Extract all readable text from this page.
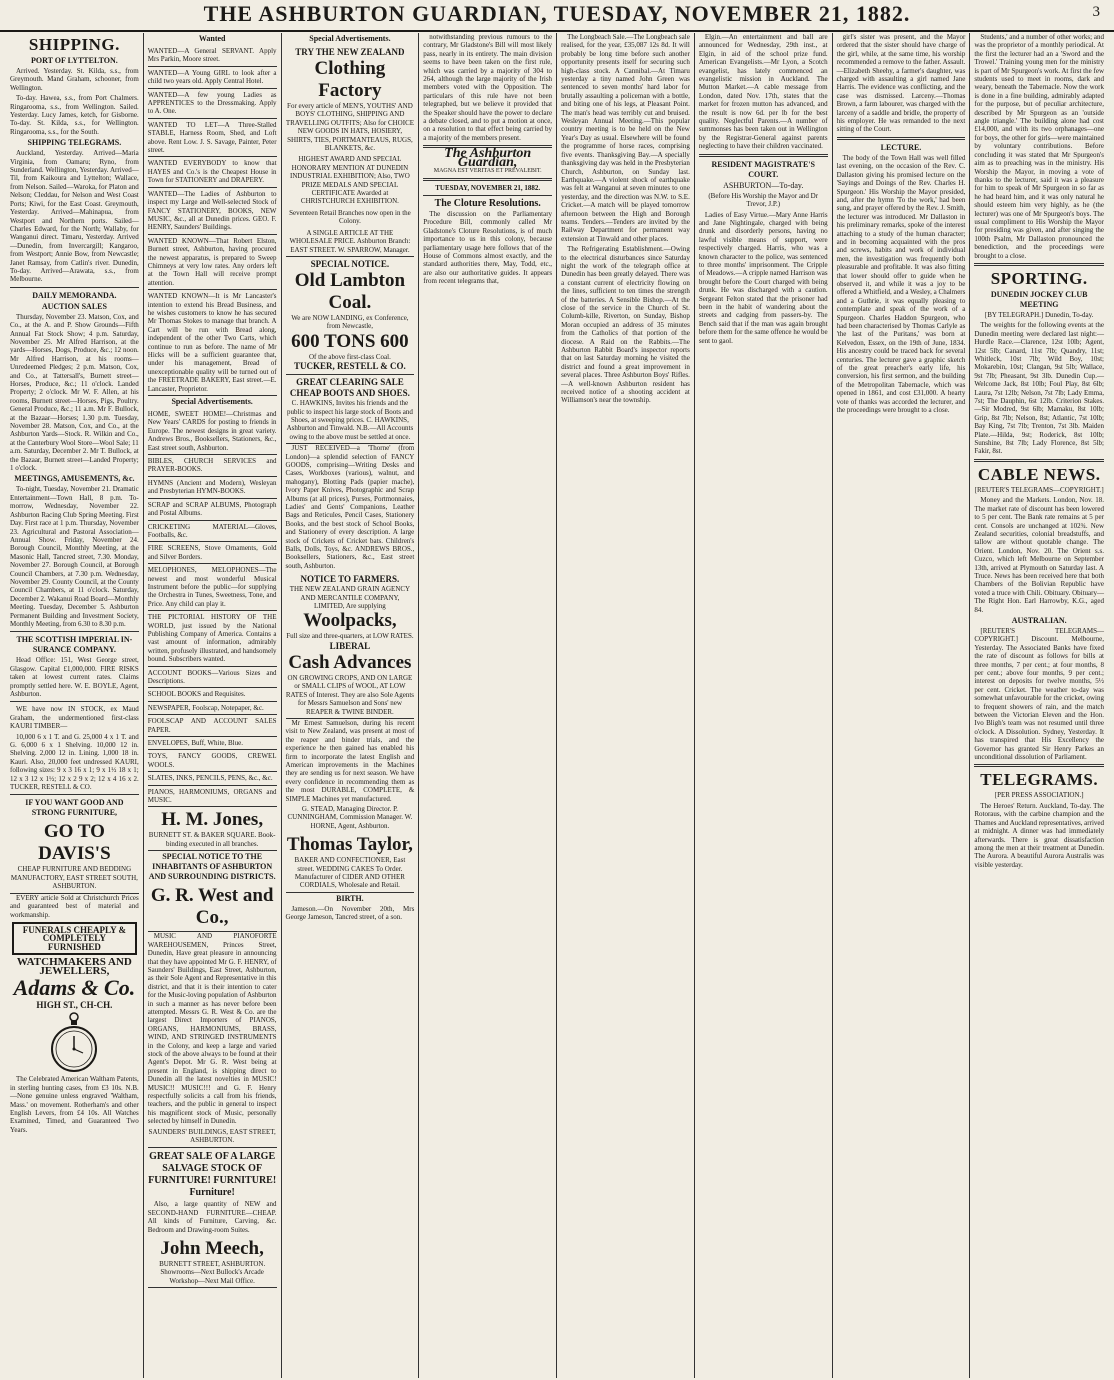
THE ASHBURTON GUARDIAN, TUESDAY, NOVEMBER 21, 1882.	3
SHIPPING.
PORT OF LYTTELTON.

Arrived. Yesterday. St. Kilda, s.s., from Greymouth. Mand Graham, schooner, from Wellington.

To-day. Hawea, s.s., from Port Chalmers. Ringarooma, s.s., from Wellington. Sailed. Yesterday. Lucy James, ketch, for Gisborne. To-day. St. Kilda, s.s., for Wellington. Ringarooma, s.s., for the South.

SHIPPING TELEGRAMS.

Auckland, Yesterday. Arrived—Maria Virginia, from Oamaru; Ryno, from Sunderland. Wellington, Yesterday. Arrived—Til, from Kaikoura and Lyttelton; Wallace, from Nelson. Sailed—Waroka, for Platon and Nelson; Cleddau, for Nelson and West Coast Ports; Kiwi, for the East Coast. Greymouth, Yesterday. Arrived—Mahinapua, from Westport and Northern ports. Sailed—Charles Edward, for the North; Wallaby, for Wanganui direct. Timaru, Yesterday. Arrived—Dunedin, from Invercargill; Kangaroo, from Westport; Annie Bow, from Newcastle; Janet Ramsay, from Catlin's river. Dunedin, To-day. Arrived—Arawata, s.s., from Melbourne.

DAILY MEMORANDA.
AUCTION SALES

Thursday, November 23. Matson, Cox, and Co., at the A. and P. Show Grounds—Fifth Annual Fat Stock Show; 4 p.m. Saturday, November 25. Mr Alfred Harrison, at the yards—Horses, Dogs, Produce, &c.; 12 noon. Mr Alfred Harrison, at his rooms—Unredeemed Pledges; 2 p.m. Matson, Cox, and Co., at Tattersall's, Burnett street—Horses, Produce, &c.; 11 o'clock. Landed Property; 2 o'clock. Mr W. F. Allen, at his rooms, Burnett street—Horses, Pigs, Poultry. General Produce, &c.; 11 a.m. Mr F. Bullock, at the Bazaar—Horses; 1.30 p.m. Tuesday, November 28. Matson, Cox, and Co., at the Ashburton Yards—Stock. R. Wilkin and Co., at the Canterbury Wool Store—Wool Sale; 11 a.m. Saturday, December 2. Mr T. Bullock, at the Bazaar, Burnett street—Landed Property; 1 o'clock.

MEETINGS, AMUSEMENTS, &c.

To-night, Tuesday, November 21. Dramatic Entertainment—Town Hall, 8 p.m. To-morrow, Wednesday, November 22. Ashburton Racing Club Spring Meeting. First Day. First race at 1 p.m. Thursday, November 23. Agricultural and Pastoral Association—Annual Show. Friday, November 24. Borough Council, Monthly Meeting, at the Masonic Hall, Tancred street, 7.30. Monday, November 27. Borough Council, at Borough Council Chambers, at 7.30 p.m. Wednesday, November 29. County Council, at the County Council Chambers, at 11 o'clock. Saturday, December 2. Wakanui Road Board—Monthly Meeting. Tuesday, December 5. Ashburton Permanent Building and Investment Society, Monthly Meeting, from 6.30 to 8.30 p.m.

THE SCOTTISH IMPERIAL IN-SURANCE COMPANY.

Head Office: 151, West George street, Glasgow. Capital £1,000,000. FIRE RISKS taken at lowest current rates. Claims promptly settled here. W. E. BOYLE, Agent, Ashburton.

WE have now IN STOCK, ex Maud Graham, the undermentioned first-class KAURI TIMBER—

10,000 6 x 1 T. and G. 25,000 4 x 1 T. and G. 6,000 6 x 1 Shelving. 10,000 12 in. Shelving. 2,000 12 in. Lining. 1,000 18 in. Kauri. Also, 20,000 feet undressed KAURI, following sizes: 9 x 3 16 x 1; 9 x 1½ 18 x 1; 12 x 3 12 x 1½; 12 x 2 9 x 2; 12 x 4 16 x 2. TUCKER, RESTELL & CO.

IF YOU WANT GOOD AND STRONG FURNITURE,
GO TO
DAVIS'S
CHEAP FURNITURE AND BEDDING MANUFACTORY, EAST STREET SOUTH, ASHBURTON.

EVERY article Sold at Christchurch Prices and guaranteed best of material and workmanship.

FUNERALS CHEAPLY & COMPLETELY FURNISHED
WATCHMAKERS AND JEWELLERS,
Adams & Co.
HIGH ST., CH-CH.

The Celebrated American Waltham Patents, in sterling hunting cases, from £3 10s. N.B.—None genuine unless engraved 'Waltham, Mass.' on movement. Rotherham's and other English Levers, from £4 10s. All Watches Examined, Timed, and Guaranteed Two Years.

Wanted
WANTED—A General SERVANT. Apply Mrs Parkin, Moore street.
WANTED—A Young GIRL to look after a child two years old. Apply Central Hotel.
WANTED—A few young Ladies as APPRENTICES to the Dressmaking. Apply to A. One.
WANTED TO LET—A Three-Stalled STABLE, Harness Room, Shed, and Loft above. Rent Low. J. S. Savage, Painter, Peter street.
WANTED EVERYBODY to know that HAYES and Co.'s is the Cheapest House in Town for STATIONERY and DRAPERY.
WANTED—The Ladies of Ashburton to inspect my Large and Well-selected Stock of FANCY STATIONERY, BOOKS, NEW MUSIC, &c., all at Dunedin prices. GEO. F. HENRY, Saunders' Buildings.
WANTED KNOWN—That Robert Elston, Burnett street, Ashburton, having procured the newest apparatus, is prepared to Sweep Chimneys at very low rates. Any orders left at the Town Hall will receive prompt attention.
WANTED KNOWN—It is Mr Lancaster's intention to extend his Bread Business, and he wishes customers to know he has secured Mr Thomas Stokes to manage that branch. A Cart will be run with Bread along, independent of the other Two Carts, which continue to run as before. The name of Mr Hicks will be a sufficient guarantee that, under his management, Bread of unexceptionable quality will be turned out of the FREETRADE BAKERY, East street.—E. Lancaster, Proprietor.
Special Advertisements.
HOME, SWEET HOME!—Christmas and New Years' CARDS for posting to friends in Europe. The newest designs in great variety. Andrews Bros., Booksellers, Stationers, &c., East street south, Ashburton.
BIBLES, CHURCH SERVICES and PRAYER-BOOKS.
HYMNS (Ancient and Modern), Wesleyan and Presbyterian HYMN-BOOKS.
SCRAP and SCRAP ALBUMS, Photograph and Postal Albums.
CRICKETING MATERIAL—Gloves, Footballs, &c.
FIRE SCREENS, Stove Ornaments, Gold and Silver Borders.
MELOPHONES, MELOPHONES—The newest and most wonderful Musical Instrument before the public—for supplying the Orchestra in Tunes, Sweetness, Tone, and Price. Any child can play it.
THE PICTORIAL HISTORY OF THE WORLD, just issued by the National Publishing Company of America. Contains a vast amount of information, admirably written, profusely illustrated, and handsomely bound. Subscribers wanted.
ACCOUNT BOOKS—Various Sizes and Descriptions.
SCHOOL BOOKS and Requisites.
NEWSPAPER, Foolscap, Notepaper, &c.
FOOLSCAP AND ACCOUNT SALES PAPER.
ENVELOPES, Buff, White, Blue.
TOYS, FANCY GOODS, CREWEL WOOLS.
SLATES, INKS, PENCILS, PENS, &c., &c.
PIANOS, HARMONIUMS, ORGANS and MUSIC.
H. M. Jones,
BURNETT ST. & BAKER SQUARE. Book-binding executed in all branches.
SPECIAL NOTICE TO THE INHABITANTS OF ASHBURTON AND SURROUNDING DISTRICTS.
G. R. West and Co.,

MUSIC AND PIANOFORTE WAREHOUSEMEN, Princes Street, Dunedin, Have great pleasure in announcing that they have appointed Mr G. F. HENRY, of Saunders' Buildings, East Street, Ashburton, as their Sole Agent and Representative in this district, and that it is their intention to cater for the Music-loving population of Ashburton in such a manner as has never before been attempted. Messrs G. R. West & Co. are the largest Direct Importers of PIANOS, ORGANS, HARMONIUMS, BRASS, WIND, AND STRINGED INSTRUMENTS in the Colony, and keep a large and varied stock of the above always to be found at their Agent's Depot. Mr G. R. West being at present in England, is shipping direct to Dunedin all the latest novelties in MUSIC! MUSIC!! MUSIC!!! and G. F. Henry respectfully solicits a call from his friends, teachers, and the public in general to inspect his magnificent stock of Music, personally selected by himself in Dunedin.

SAUNDERS' BUILDINGS, EAST STREET, ASHBURTON.

GREAT SALE OF A LARGE SALVAGE STOCK OF FURNITURE! FURNITURE! Furniture!

Also, a large quantity of NEW and SECOND-HAND FURNITURE—CHEAP. All kinds of Furniture, Carving, &c. Bedroom and Drawing-room Suites.

John Meech,
BURNETT STREET, ASHBURTON. Showrooms—Next Bullock's Arcade Workshop—Next Mail Office.
Special Advertisements.
TRY THE NEW ZEALAND
Clothing Factory
For every article of MEN'S, YOUTHS' AND BOYS' CLOTHING, SHIPPING AND TRAVELLING OUTFITS; Also for CHOICE NEW GOODS IN HATS, HOSIERY, SHIRTS, TIES, PORTMANTEAUS, RUGS, BLANKETS, &c.
HIGHEST AWARD AND SPECIAL HONORARY MENTION AT DUNEDIN INDUSTRIAL EXHIBITION; Also, TWO PRIZE MEDALS AND SPECIAL CERTIFICATE Awarded at CHRISTCHURCH EXHIBITION.
Seventeen Retail Branches now open in the Colony.
A SINGLE ARTICLE AT THE WHOLESALE PRICE. Ashburton Branch: EAST STREET. W. SPARROW, Manager.
SPECIAL NOTICE.
Old Lambton Coal.
We are NOW LANDING, ex Conference, from Newcastle,
600 TONS 600
Of the above first-class Coal.
TUCKER, RESTELL & CO.
GREAT CLEARING SALE CHEAP BOOTS AND SHOES.
C. HAWKINS, Invites his friends and the public to inspect his large stock of Boots and Shoes, at sweeping prices. C. HAWKINS, Ashburton and Tinwald. N.B.—All Accounts owing to the above must be settled at once.

JUST RECEIVED—a 'Thorne' (from London)—a splendid selection of FANCY GOODS, comprising—Writing Desks and Cases, Workboxes (various), walnut, and mahogany), Blotting Pads (papier mache), Ivory Paper Knives, Photographic and Scrap Albums (at all prices), Purses, Portmonnaies, Ladies' and Gents' Companions, Leather Bags and Reticules, Pencil Cases, Stationery Books, and the best stock of School Books, and Stationery of every description. A large stock of Crickets of Cricket bats. Children's Balls, Dolls, Toys, &c. ANDREWS BROS., Booksellers, Stationers, &c., East street south, Ashburton.

NOTICE TO FARMERS.
THE NEW ZEALAND GRAIN AGENCY AND MERCANTILE COMPANY, LIMITED, Are supplying
Woolpacks,
Full size and three-quarters, at LOW RATES.
LIBERAL
Cash Advances
ON GROWING CROPS, AND ON LARGE or SMALL CLIPS of WOOL, AT LOW RATES of Interest. They are also Sole Agents for Messrs Samuelson and Sons' new REAPER & TWINE BINDER.

Mr Ernest Samuelson, during his recent visit to New Zealand, was present at most of the reaper and binder trials, and the experience he then gained has enabled his firm to incorporate the latest English and American improvements in the Machines they are sending us for next season. We have every confidence in recommending them as the most DURABLE, COMPLETE, & SIMPLE Machines yet manufactured.

G. STEAD, Managing Director. P. CUNNINGHAM, Commission Manager. W. HORNE, Agent, Ashburton.

Thomas Taylor,
BAKER AND CONFECTIONER, East street. WEDDING CAKES To Order. Manufacturer of CIDER AND OTHER CORDIALS, Wholesale and Retail.
BIRTH.

Jameson.—On November 20th, Mrs George Jameson, Tancred street, of a son.

notwithstanding previous rumours to the contrary, Mr Gladstone's Bill will most likely pass, nearly in its entirety. The main division seems to have been taken on the first rule, which was carried by a majority of 304 to 264, although the large majority of the Irish members voted with the Opposition. The particulars of this rule have not been telegraphed, but we believe it provided that the Speaker should have the power to declare a debate closed, and to put a motion at once, on a resolution to that effect being carried by a majority of the members present.

The Ashburton Guardian,
MAGNA EST VERITAS ET PREVALEBIT.

TUESDAY, NOVEMBER 21, 1882.

The Cloture Resolutions.

The discussion on the Parliamentary Procedure Bill, commonly called Mr Gladstone's Cloture Resolutions, is of much importance to us in this colony, because parliamentary usage here follows that of the House of Commons almost exactly, and the standard authorities there, May, Todd, etc., are also our authoritative guides. It appears from recent telegrams that,

The Longbeach Sale.—The Longbeach sale realised, for the year, £35,087 12s 8d. It will probably be long time before such another opportunity presents itself for securing such high-class stock. A Cannibal.—At Timaru yesterday a tiny named John Green was sentenced to seven months' hard labor for brutally assaulting a policeman with a bottle, and biting one of his legs, at Pleasant Point. The man's head was terribly cut and bruised. Wesleyan Annual Meeting.—This popular country meeting is to be held on the New Year's Day as usual. Elsewhere will be found the programme of horse races, comprising five events. Thanksgiving Bay.—A specially thanksgiving day was held in the Presbyterian Church, Ashburton, on Sunday last. Earthquake.—A violent shock of earthquake was felt at Wanganui at seven minutes to one yesterday, and the direction was N.W. to S.E. Cricket.—A match will be played tomorrow afternoon between the High and Borough teams. Tenders.—Tenders are invited by the Railway Department for permanent way extension at Tinwald and other places.

The Refrigerating Establishment.—Owing to the electrical disturbances since Saturday night the work of the telegraph office at Dunedin has been greatly delayed. There was a constant current of electricity flowing on the lines, sufficient to ten times the strength of the batteries. A Sensible Bishop.—At the close of the service in the Church of St. Columb-kille, Riverton, on Sunday, Bishop Moran occupied an address of 35 minutes from the Catholics of that portion of the diocese. A Raid on the Rabbits.—The Ashburton Rabbit Board's inspector reports that on last Saturday morning he visited the district and found a great improvement in several places. Three Ashburton Boys' Rifles.—A well-known Ashburton resident has received notice of a shooting accident at Williamson's near the township.

Elgin.—An entertainment and ball are announced for Wednesday, 29th inst., at Elgin, in aid of the school prize fund. American Evangelists.—Mr Lyon, a Scotch evangelist, has lately commenced an evangelistic mission in Auckland. The Mutton Market.—A cable message from London, dated Nov. 17th, states that the market for frozen mutton has advanced, and the result is now 6d. per lb for the best quality. Neglectful Parents.—A number of summonses has been taken out in Wellington by the Registrar-General against parents neglecting to have their children vaccinated.

RESIDENT MAGISTRATE'S COURT.
ASHBURTON—To-day.

(Before His Worship the Mayor and Dr Trevor, J.P.)

Ladies of Easy Virtue.—Mary Anne Harris and Jane Nightingale, charged with being drunk and disorderly persons, having no lawful visible means of support, were respectively charged. Harris, who was a known character to the police, was sentenced to three months' imprisonment. The Cripple of Meadows.—A cripple named Harrison was brought before the Court charged with being drunk. He was discharged with a caution. Sergeant Felton stated that the prisoner had been in the habit of wandering about the streets and cadging from passers-by. The Bench said that if the man was again brought before them for the same offence he would be sent to gaol.

girl's sister was present, and the Mayor ordered that the sister should have charge of the girl, while, at the same time, his worship recommended a remove to the father. Assault.—Elizabeth Sheehy, a farmer's daughter, was charged with assaulting a girl named Jane Harris. The evidence was conflicting, and the case was dismissed. Larceny.—Thomas Brown, a farm labourer, was charged with the larceny of a saddle and bridle, the property of his employer. He was remanded to the next sitting of the Court.

LECTURE.

The body of the Town Hall was well filled last evening, on the occasion of the Rev. C. Dallaston giving his promised lecture on the 'Sayings and Doings of the Rev. Charles H. Spurgeon.' His Worship the Mayor presided, and, after the hymn 'To the work,' had been sung, and prayer offered by the Rev. J. Smith, the lecturer was introduced. Mr Dallaston in his preliminary remarks, spoke of the interest attaching to a study of the human character; and in becoming acquainted with the pros and screws, habits and work of individual men, the investigation was frequently both pleasurable and profitable. It was also fitting that lower should offer to guide when he observed it, and while it was a joy to be offered a Whitfield, and a Wesley, a Chalmers and a Guthrie, it was equally pleasing to contemplate and speak of the work of a Spurgeon. Charles Haddon Spurgeon, who had been characterised by Thomas Carlyle as 'the last of the Puritans,' was born at Kelvedon, Essex, on the 19th of June, 1834. His ancestry could be traced back for several centuries. The lecturer gave a graphic sketch of the great preacher's early life, his conversion, his first sermon, and the building of the Metropolitan Tabernacle, which was opened in 1861, and cost £31,000. A hearty vote of thanks was accorded the lecturer, and the proceedings were brought to a close.

Students,' and a number of other works; and was the proprietor of a monthly periodical. At the first the lecturer had an a 'Sword and the Trowel.' Training young men for the ministry is part of Mr Spurgeon's work. At first the few students used to meet in rooms, dark and weary, beneath the Tabernacle. Now the work is done in a fine building, admirably adapted for the purpose, but of peculiar architecture, described by Mr Spurgeon as an 'outside angle triangle.' The building alone had cost £14,000, and with its two orphanages—one for boys, the other for girls—were maintained by voluntary contributions. Before concluding it was stated that Mr Spurgeon's aim as to preaching was in the ministry. His Worship the Mayor, in moving a vote of thanks to the lecturer, said it was a pleasure for him to speak of Mr Spurgeon in so far as he had heard him, and it was only natural he should esteem him very highly, as he (the lecturer) was one of Mr Spurgeon's boys. The usual compliment to His Worship the Mayor for presiding was given, and after singing the 100th Psalm, Mr Dallaston pronounced the benediction, and the proceedings were brought to a close.

SPORTING.
DUNEDIN JOCKEY CLUB MEETING

[BY TELEGRAPH.] Dunedin, To-day.

The weights for the following events at the Dunedin meeting were declared last night:— Hurdle Race.—Clarence, 12st 10lb; Agent, 12st 5lb; Canard, 11st 7lb; Quandry, 11st; Whitleck, 10st 7lb; Wild Boy, 10st; Mokarebin, 10st; Clangan, 9st 5lb; Wallace, 9st 7lb; Pheasant, 9st 3lb. Dunedin Cup.—Welcome Jack, 8st 10lb; Foul Play, 8st 6lb; Laura, 7st 12lb; Nelson, 7st 7lb; Lady Emma, 7st; The Dauphin, 6st 12lb. Criterion Stakes.—Sir Modred, 9st 6lb; Mamaku, 8st 10lb; Grip, 8st 7lb; Nelson, 8st; Atlantic, 7st 10lb; Bay King, 7st 7lb; Trenton, 7st 3lb. Maiden Plate.—Hilda, 9st; Roderick, 8st 10lb; Sunshine, 8st 7lb; Lady Florence, 8st 5lb; Fakir, 8st.

CABLE NEWS.

[REUTER'S TELEGRAMS—COPYRIGHT.]

Money and the Markets. London, Nov. 18. The market rate of discount has been lowered to 5 per cent. The Bank rate remains at 5 per cent. Consols are unchanged at 102¾. New Zealand securities, colonial breadstuffs, and tallow are without quotable change. The Orient. London, Nov. 20. The Orient s.s. Cuzco, which left Melbourne on September 13th, arrived at Plymouth on Saturday last. A Truce. News has been received here that both Chambers of the Bolivian Republic have voted a truce with Chili. Obituary. Obituary—The Right Hon. Earl Harrowby, K.G., aged 84.

AUSTRALIAN.

[REUTER'S TELEGRAMS—COPYRIGHT.] Discount. Melbourne, Yesterday. The Associated Banks have fixed the rate of discount as follows for bills at three months, 7 per cent.; at four months, 8 per cent.; above four months, 9 per cent.; interest on deposits for twelve months, 5½ per cent. Cricket. The weather to-day was somewhat unfavourable for the cricket, owing to frequent showers of rain, and the match between the Victorian Eleven and the Hon. Ivo Bligh's team was not resumed until three o'clock. A Dissolution. Sydney, Yesterday. It has transpired that His Excellency the Governor has granted Sir Henry Parkes an unconditional dissolution of Parliament.

TELEGRAMS.

[PER PRESS ASSOCIATION.]

The Heroes' Return. Auckland, To-day. The Rotoraus, with the carbine champion and the Thames and Auckland representatives, arrived at midnight. A dinner was had immediately afterwards. There is great dissatisfaction among the men at their treatment at Dunedin. The Aurora. A beautiful Aurora Australis was visible yesterday.
